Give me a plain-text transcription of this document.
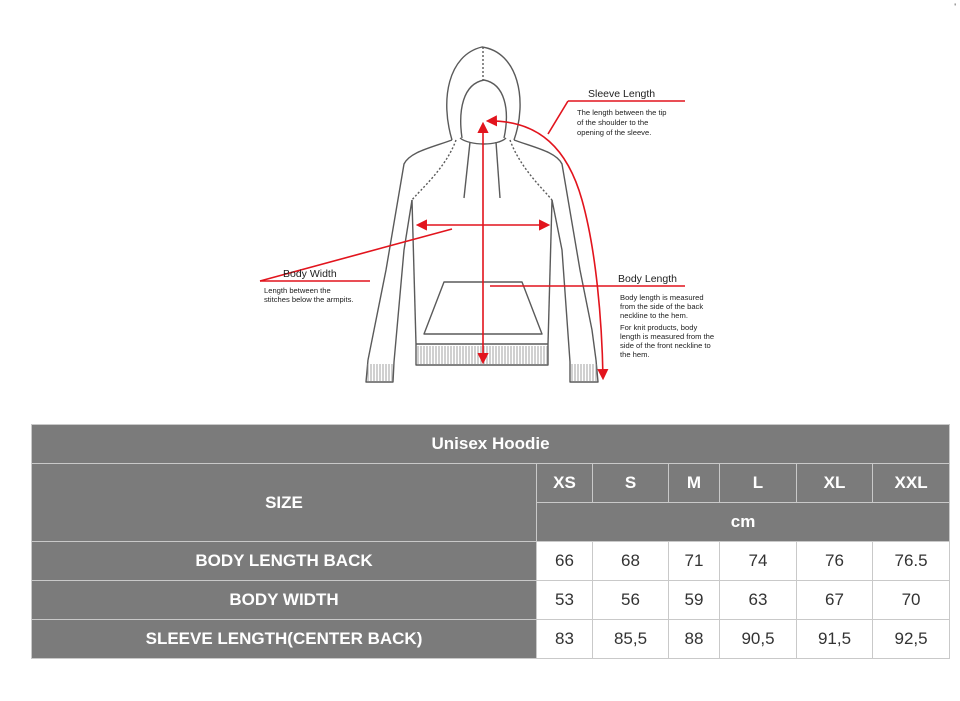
'
Sleeve Length
The length between the tip
of the shoulder to the
opening of the sleeve.
Body Width
Length between the
stitches below the armpits.
Body Length
Body length is measured
from the side of the back
neckline to the hem.
For knit products, body
length is measured from the
side of the front neckline to
the hem.
Unisex Hoodie						
SIZE	XS	S	M	L	XL	XXL
	cm					
BODY LENGTH BACK	66	68	71	74	76	76.5
BODY WIDTH	53	56	59	63	67	70
SLEEVE LENGTH(CENTER BACK)	83	85,5	88	90,5	91,5	92,5
